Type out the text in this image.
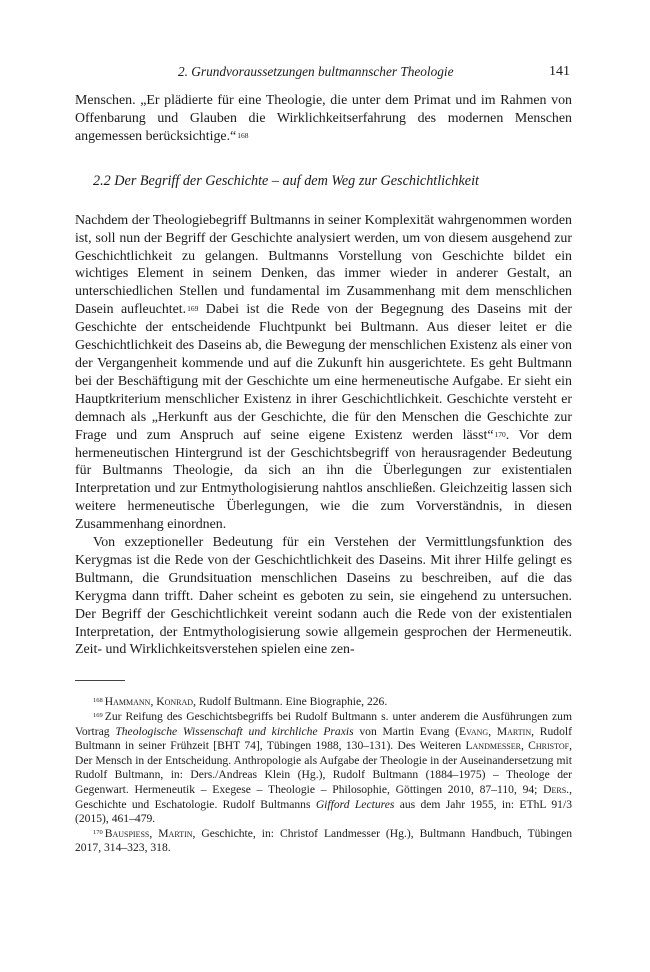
2. Grundvoraussetzungen bultmannscher Theologie	141

Menschen. „Er plädierte für eine Theologie, die unter dem Primat und im Rahmen von Offenbarung und Glauben die Wirklichkeitserfahrung des modernen Menschen angemessen berücksichtige.“$^{168}$

2.2 Der Begriff der Geschichte – auf dem Weg zur Geschichtlichkeit

Nachdem der Theologiebegriff Bultmanns in seiner Komplexität wahrgenommen worden ist, soll nun der Begriff der Geschichte analysiert werden, um von diesem ausgehend zur Geschichtlichkeit zu gelangen. Bultmanns Vorstellung von Geschichte bildet ein wichtiges Element in seinem Denken, das immer wieder in anderer Gestalt, an unterschiedlichen Stellen und fundamental im Zusammenhang mit dem menschlichen Dasein aufleuchtet.$^{169}$ Dabei ist die Rede von der Begegnung des Daseins mit der Geschichte der entscheidende Fluchtpunkt bei Bultmann. Aus dieser leitet er die Geschichtlichkeit des Daseins ab, die Bewegung der menschlichen Existenz als einer von der Vergangenheit kommende und auf die Zukunft hin ausgerichtete. Es geht Bultmann bei der Beschäftigung mit der Geschichte um eine hermeneutische Aufgabe. Er sieht ein Hauptkriterium menschlicher Existenz in ihrer Geschichtlichkeit. Geschichte versteht er demnach als „Herkunft aus der Geschichte, die für den Menschen die Geschichte zur Frage und zum Anspruch auf seine eigene Existenz werden lässt“$^{170}$. Vor dem hermeneutischen Hintergrund ist der Geschichtsbegriff von herausragender Bedeutung für Bultmanns Theologie, da sich an ihn die Überlegungen zur existentialen Interpretation und zur Entmythologisierung nahtlos anschließen. Gleichzeitig lassen sich weitere hermeneutische Überlegungen, wie die zum Vorverständnis, in diesen Zusammenhang einordnen.

Von exzeptioneller Bedeutung für ein Verstehen der Vermittlungsfunktion des Kerygmas ist die Rede von der Geschichtlichkeit des Daseins. Mit ihrer Hilfe gelingt es Bultmann, die Grundsituation menschlichen Daseins zu beschreiben, auf die das Kerygma dann trifft. Daher scheint es geboten zu sein, sie eingehend zu untersuchen. Der Begriff der Geschichtlichkeit vereint sodann auch die Rede von der existentialen Interpretation, der Entmythologisierung sowie allgemein gesprochen der Hermeneutik. Zeit- und Wirklichkeitsverstehen spielen eine zen-

$^{168}$ Hammann, Konrad, Rudolf Bultmann. Eine Biographie, 226.
$^{169}$ Zur Reifung des Geschichtsbegriffs bei Rudolf Bultmann s. unter anderem die Ausführungen zum Vortrag Theologische Wissenschaft und kirchliche Praxis von Martin Evang (Evang, Martin, Rudolf Bultmann in seiner Frühzeit [BHT 74], Tübingen 1988, 130–131). Des Weiteren Landmesser, Christof, Der Mensch in der Entscheidung. Anthropologie als Aufgabe der Theologie in der Auseinandersetzung mit Rudolf Bultmann, in: Ders./Andreas Klein (Hg.), Rudolf Bultmann (1884–1975) – Theologe der Gegenwart. Hermeneutik – Exegese – Theologie – Philosophie, Göttingen 2010, 87–110, 94; Ders., Geschichte und Eschatologie. Rudolf Bultmanns Gifford Lectures aus dem Jahr 1955, in: EThL 91/3 (2015), 461–479.
$^{170}$ Bauspiess, Martin, Geschichte, in: Christof Landmesser (Hg.), Bultmann Handbuch, Tübingen 2017, 314–323, 318.
